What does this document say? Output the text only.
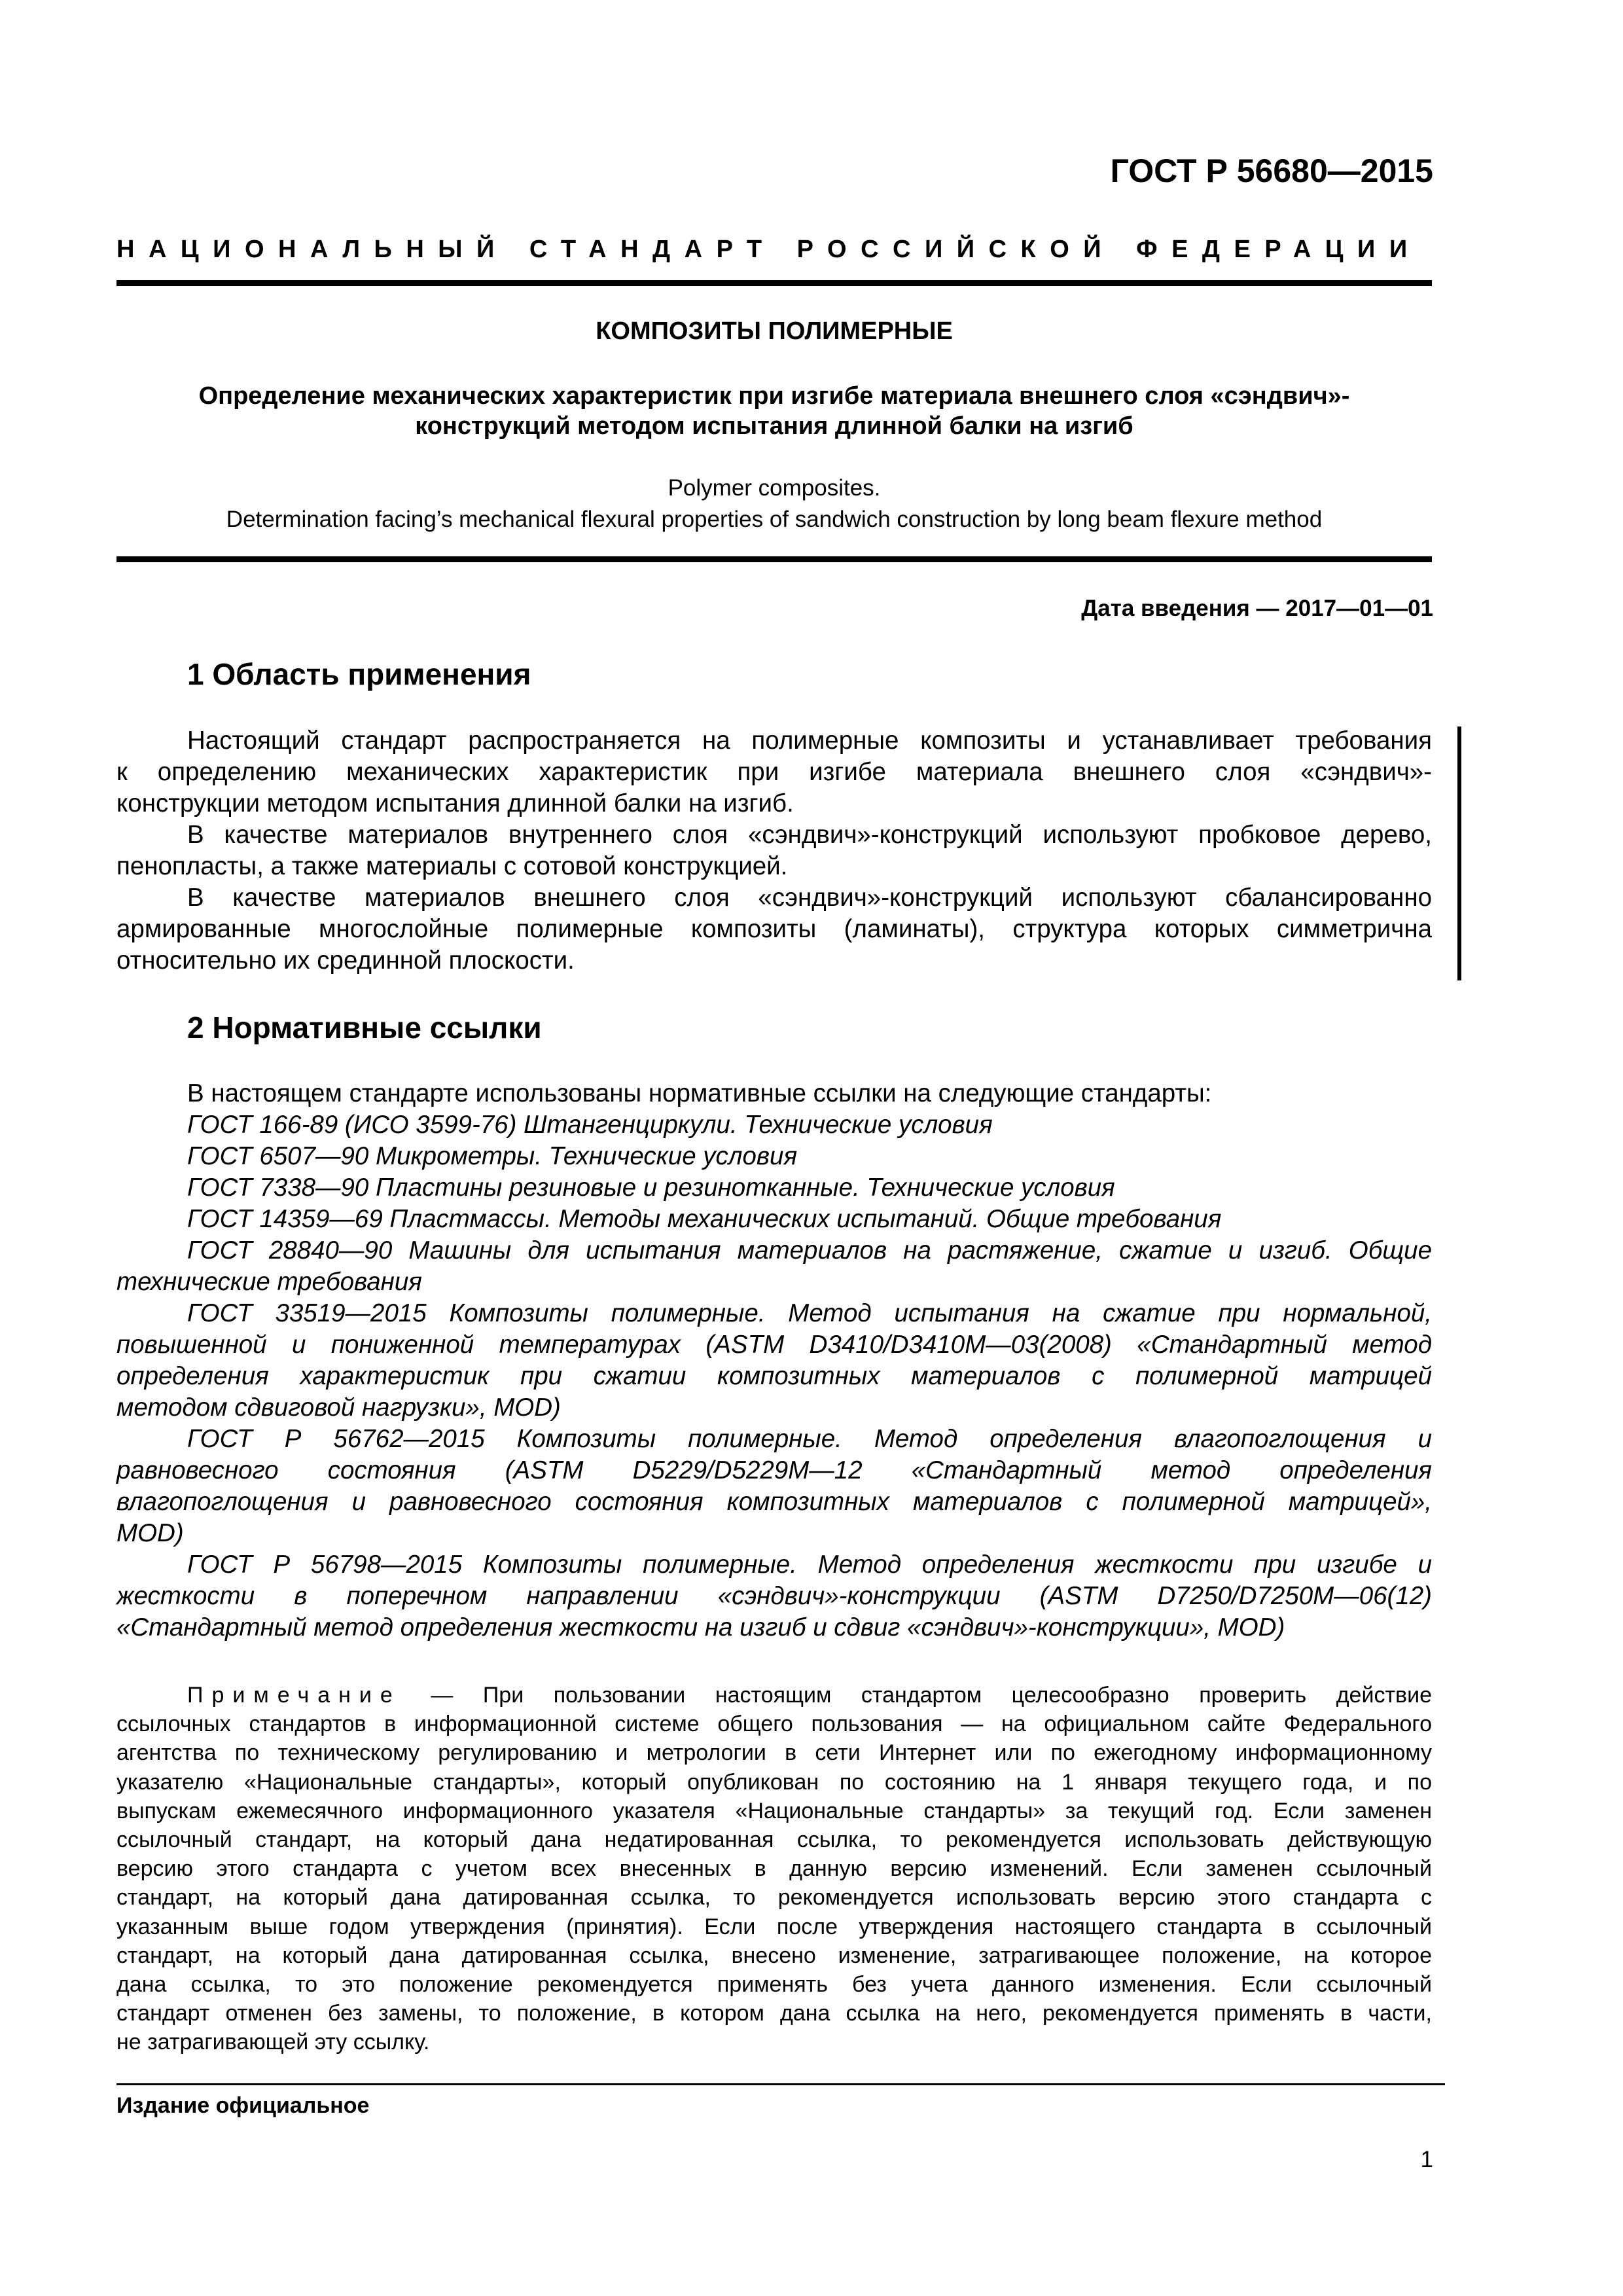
ГОСТ Р 56680—2015

НАЦИОНАЛЬНЫЙ СТАНДАРТ РОССИЙСКОЙ ФЕДЕРАЦИИ

КОМПОЗИТЫ ПОЛИМЕРНЫЕ

Определение механических характеристик при изгибе материала внешнего слоя «сэндвич»-
конструкций методом испытания длинной балки на изгиб
Polymer composites.
Determination facing’s mechanical flexural properties of sandwich construction by long beam flexure method

Дата введения — 2017—01—01

1 Область применения

Настоящий стандарт распространяется на полимерные композиты и устанавливает требования
к определению механических характеристик при изгибе материала внешнего слоя «сэндвич»-
конструкции методом испытания длинной балки на изгиб.
В качестве материалов внутреннего слоя «сэндвич»-конструкций используют пробковое дерево,
пенопласты, а также материалы с сотовой конструкцией.
В качестве материалов внешнего слоя «сэндвич»-конструкций используют сбалансированно
армированные многослойные полимерные композиты (ламинаты), структура которых симметрична
относительно их срединной плоскости.

2 Нормативные ссылки

В настоящем стандарте использованы нормативные ссылки на следующие стандарты:
ГОСТ 166-89 (ИСО 3599-76) Штангенциркули. Технические условия
ГОСТ 6507—90 Микрометры. Технические условия
ГОСТ 7338—90 Пластины резиновые и резинотканные. Технические условия
ГОСТ 14359—69 Пластмассы. Методы механических испытаний. Общие требования
ГОСТ 28840—90 Машины для испытания материалов на растяжение, сжатие и изгиб. Общие
технические требования
ГОСТ 33519—2015 Композиты полимерные. Метод испытания на сжатие при нормальной,
повышенной и пониженной температурах (ASTM D3410/D3410M—03(2008) «Стандартный метод
определения характеристик при сжатии композитных материалов с полимерной матрицей
методом сдвиговой нагрузки», MOD)
ГОСТ Р 56762—2015 Композиты полимерные. Метод определения влагопоглощения и
равновесного состояния (ASTM D5229/D5229M—12 «Стандартный метод определения
влагопоглощения и равновесного состояния композитных материалов с полимерной матрицей»,
MOD)
ГОСТ Р 56798—2015 Композиты полимерные. Метод определения жесткости при изгибе и
жесткости в поперечном направлении «сэндвич»-конструкции (ASTM D7250/D7250M—06(12)
«Стандартный метод определения жесткости на изгиб и сдвиг «сэндвич»-конструкции», MOD)
Примечание — При пользовании настоящим стандартом целесообразно проверить действие
ссылочных стандартов в информационной системе общего пользования — на официальном сайте Федерального
агентства по техническому регулированию и метрологии в сети Интернет или по ежегодному информационному
указателю «Национальные стандарты», который опубликован по состоянию на 1 января текущего года, и по
выпускам ежемесячного информационного указателя «Национальные стандарты» за текущий год. Если заменен
ссылочный стандарт, на который дана недатированная ссылка, то рекомендуется использовать действующую
версию этого стандарта с учетом всех внесенных в данную версию изменений. Если заменен ссылочный
стандарт, на который дана датированная ссылка, то рекомендуется использовать версию этого стандарта с
указанным выше годом утверждения (принятия). Если после утверждения настоящего стандарта в ссылочный
стандарт, на который дана датированная ссылка, внесено изменение, затрагивающее положение, на которое
дана ссылка, то это положение рекомендуется применять без учета данного изменения. Если ссылочный
стандарт отменен без замены, то положение, в котором дана ссылка на него, рекомендуется применять в части,
не затрагивающей эту ссылку.

Издание официальное

1
